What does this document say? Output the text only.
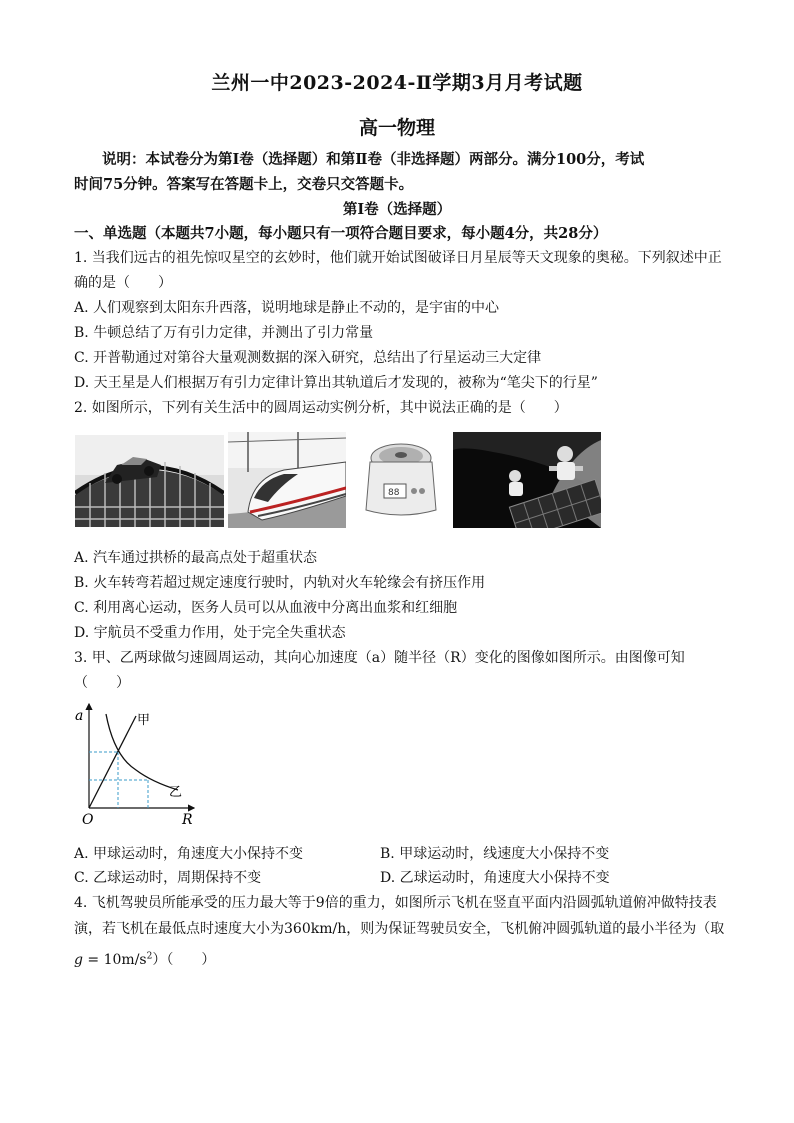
兰州一中2023-2024-Ⅱ学期3月月考试题
高一物理
说明：本试卷分为第Ⅰ卷（选择题）和第Ⅱ卷（非选择题）两部分。满分100分，考试
时间75分钟。答案写在答题卡上，交卷只交答题卡。
第Ⅰ卷（选择题）
一、单选题（本题共7小题，每小题只有一项符合题目要求，每小题4分，共28分）
1. 当我们远古的祖先惊叹星空的玄妙时，他们就开始试图破译日月星辰等天文现象的奥秘。下列叙述中正
确的是（　　）
A. 人们观察到太阳东升西落，说明地球是静止不动的，是宇宙的中心
B. 牛顿总结了万有引力定律，并测出了引力常量
C. 开普勒通过对第谷大量观测数据的深入研究，总结出了行星运动三大定律
D. 天王星是人们根据万有引力定律计算出其轨道后才发现的，被称为“笔尖下的行星”
2. 如图所示，下列有关生活中的圆周运动实例分析，其中说法正确的是（　　）
88
A. 汽车通过拱桥的最高点处于超重状态
B. 火车转弯若超过规定速度行驶时，内轨对火车轮缘会有挤压作用
C. 利用离心运动，医务人员可以从血液中分离出血浆和红细胞
D. 宇航员不受重力作用，处于完全失重状态
3. 甲、乙两球做匀速圆周运动，其向心加速度（a）随半径（R）变化的图像如图所示。由图像可知
（　　）
a
R
O
甲
乙
A. 甲球运动时，角速度大小保持不变	B. 甲球运动时，线速度大小保持不变
C. 乙球运动时，周期保持不变	D. 乙球运动时，角速度大小保持不变
4. 飞机驾驶员所能承受的压力最大等于9倍的重力，如图所示飞机在竖直平面内沿圆弧轨道俯冲做特技表
演，若飞机在最低点时速度大小为360km/h，则为保证驾驶员安全，飞机俯冲圆弧轨道的最小半径为（取
$g = 10m/s^2$）（　　）
